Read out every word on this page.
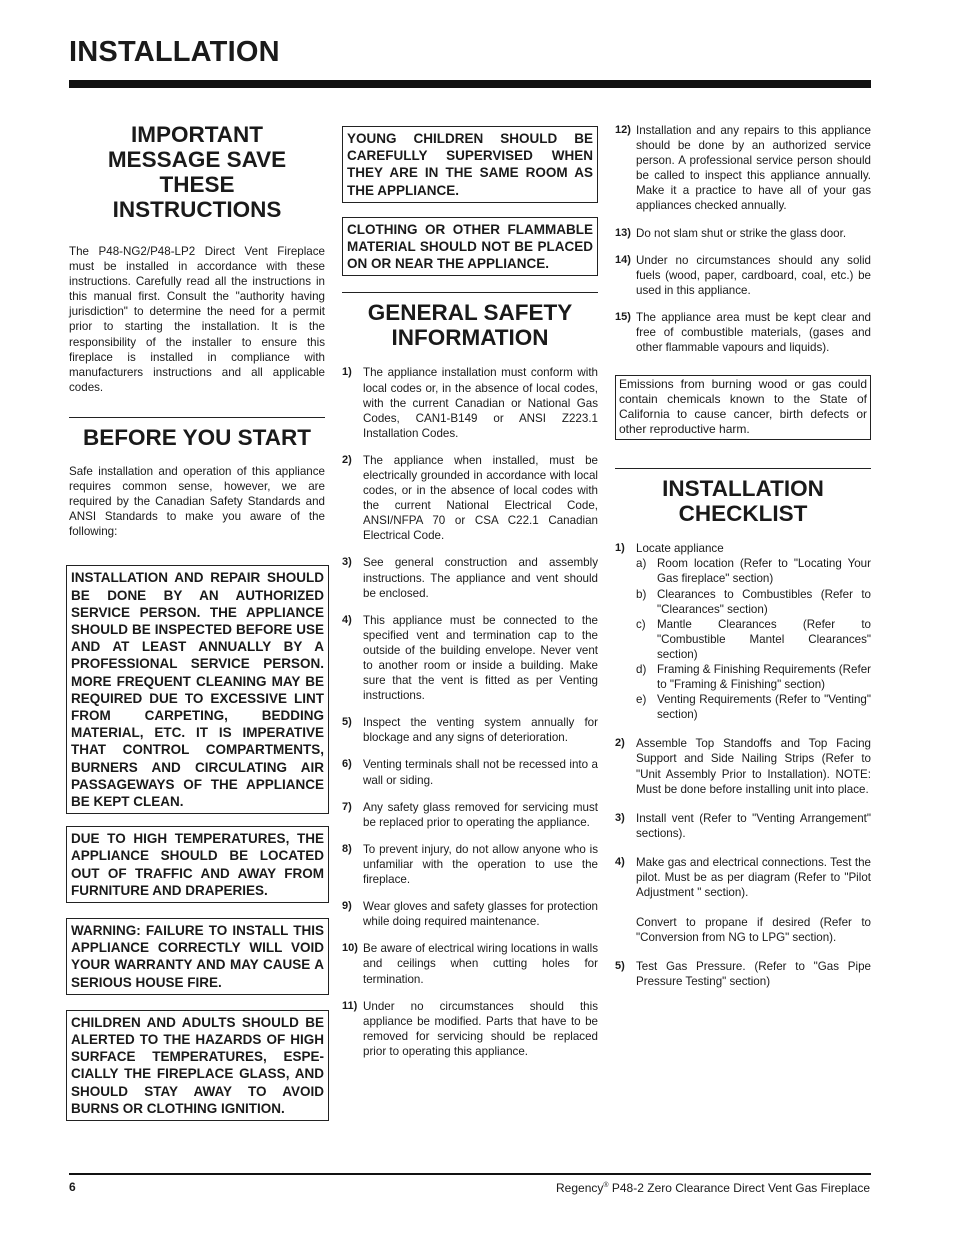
INSTALLATION
IMPORTANT MESSAGE SAVE THESE INSTRUCTIONS

The P48-NG2/P48-LP2 Direct Vent Fireplace must be installed in accordance with these instructions. Carefully read all the instructions in this manual first. Consult the "authority having jurisdiction" to determine the need for a permit prior to starting the installation. It is the responsibility of the installer to ensure this fireplace is installed in compliance with manufacturers instructions and all applicable codes.

BEFORE YOU START

Safe installation and operation of this appliance requires common sense, however, we are required by the Canadian Safety Standards and ANSI Standards to make you aware of the following:

INSTALLATION AND REPAIR SHOULD BE DONE BY AN AUTHORIZED SERVICE PERSON. THE APPLIANCE SHOULD BE INSPECTED BEFORE USE AND AT LEAST ANNUALLY BY A PROFESSIONAL SERVICE PERSON. MORE FREQUENT CLEANING MAY BE REQUIRED DUE TO EXCESSIVE LINT FROM CARPETING, BEDDING MATERIAL, ETC. IT IS IMPERATIVE THAT CONTROL COMPARTMENTS, BURNERS AND CIRCULATING AIR PASSAGEWAYS OF THE APPLIANCE BE KEPT CLEAN.
DUE TO HIGH TEMPERATURES, THE APPLIANCE SHOULD BE LOCATED OUT OF TRAFFIC AND AWAY FROM FURNITURE AND DRAPERIES.
WARNING: FAILURE TO INSTALL THIS APPLIANCE CORRECTLY WILL VOID YOUR WARRANTY AND MAY CAUSE A SERIOUS HOUSE FIRE.
CHILDREN AND ADULTS SHOULD BE ALERTED TO THE HAZARDS OF HIGH SURFACE TEMPERATURES, ESPE-CIALLY THE FIREPLACE GLASS, AND SHOULD STAY AWAY TO AVOID BURNS OR CLOTHING IGNITION.
YOUNG CHILDREN SHOULD BE CAREFULLY SUPERVISED WHEN THEY ARE IN THE SAME ROOM AS THE APPLIANCE.
CLOTHING OR OTHER FLAMMABLE MATERIAL SHOULD NOT BE PLACED ON OR NEAR THE APPLIANCE.
GENERAL SAFETY INFORMATION
1) The appliance installation must conform with local codes or, in the absence of local codes, with the current Canadian or National Gas Codes, CAN1-B149 or ANSI Z223.1 Installation Codes.
2) The appliance when installed, must be electrically grounded in accordance with local codes, or in the absence of local codes with the current National Electrical Code, ANSI/NFPA 70 or CSA C22.1 Canadian Electrical Code.
3) See general construction and assembly instructions. The appliance and vent should be enclosed.
4) This appliance must be connected to the specified vent and termination cap to the outside of the building envelope. Never vent to another room or inside a building. Make sure that the vent is fitted as per Venting instructions.
5) Inspect the venting system annually for blockage and any signs of deterioration.
6) Venting terminals shall not be recessed into a wall or siding.
7) Any safety glass removed for servicing must be replaced prior to operating the appliance.
8) To prevent injury, do not allow anyone who is unfamiliar with the operation to use the fireplace.
9) Wear gloves and safety glasses for protection while doing required maintenance.
10) Be aware of electrical wiring locations in walls and ceilings when cutting holes for termination.
11) Under no circumstances should this appliance be modified. Parts that have to be removed for servicing should be replaced prior to operating this appliance.
12) Installation and any repairs to this appliance should be done by an authorized service person. A professional service person should be called to inspect this appliance annually. Make it a practice to have all of your gas appliances checked annually.
13) Do not slam shut or strike the glass door.
14) Under no circumstances should any solid fuels (wood, paper, cardboard, coal, etc.) be used in this appliance.
15) The appliance area must be kept clear and free of combustible materials, (gases and other flammable vapours and liquids).
Emissions from burning wood or gas could contain chemicals known to the State of California to cause cancer, birth defects or other reproductive harm.
INSTALLATION CHECKLIST
1) Locate appliance
a) Room location (Refer to "Locating Your Gas fireplace" section)
b) Clearances to Combustibles (Refer to "Clearances" section)
c) Mantle Clearances (Refer to "Combustible Mantel Clearances" section)
d) Framing & Finishing Requirements (Refer to "Framing & Finishing" section)
e) Venting Requirements (Refer to "Venting" section)
2) Assemble Top Standoffs and Top Facing Support and Side Nailing Strips (Refer to "Unit Assembly Prior to Installation). NOTE: Must be done before installing unit into place.
3) Install vent (Refer to "Venting Arrangement" sections).
4) Make gas and electrical connections. Test the pilot. Must be as per diagram (Refer to "Pilot Adjustment " section).
Convert to propane if desired (Refer to "Conversion from NG to LPG" section).
5) Test Gas Pressure. (Refer to "Gas Pipe Pressure Testing" section)
6	Regency® P48-2 Zero Clearance Direct Vent Gas Fireplace
